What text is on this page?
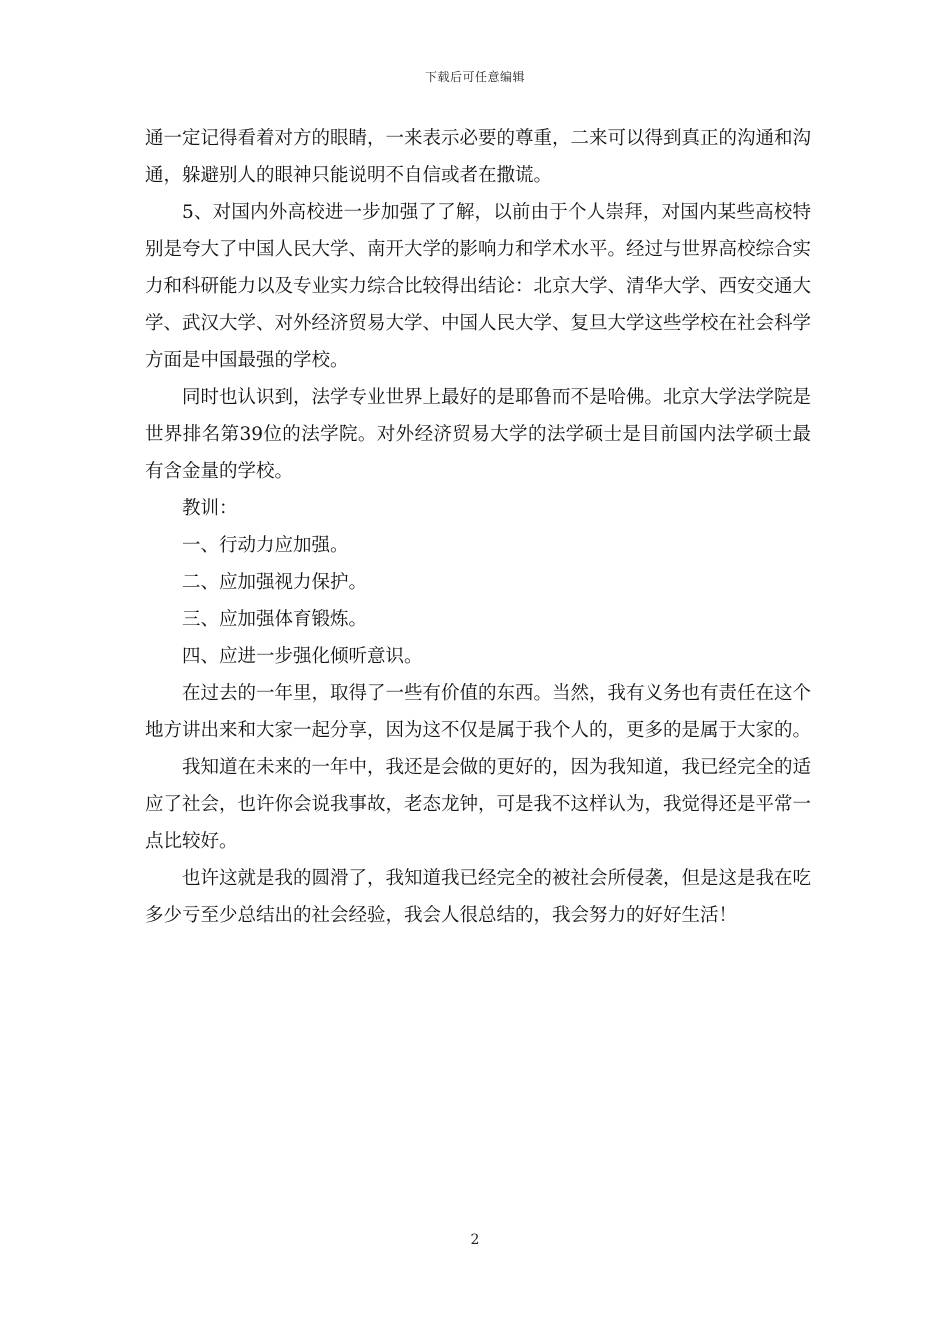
下载后可任意编辑

通一定记得看着对方的眼睛，一来表示必要的尊重，二来可以得到真正的沟通和沟通，躲避别人的眼神只能说明不自信或者在撒谎。

5、对国内外高校进一步加强了了解，以前由于个人崇拜，对国内某些高校特别是夸大了中国人民大学、南开大学的影响力和学术水平。经过与世界高校综合实力和科研能力以及专业实力综合比较得出结论：北京大学、清华大学、西安交通大学、武汉大学、对外经济贸易大学、中国人民大学、复旦大学这些学校在社会科学方面是中国最强的学校。

同时也认识到，法学专业世界上最好的是耶鲁而不是哈佛。北京大学法学院是世界排名第39位的法学院。对外经济贸易大学的法学硕士是目前国内法学硕士最有含金量的学校。

教训：

一、行动力应加强。

二、应加强视力保护。

三、应加强体育锻炼。

四、应进一步强化倾听意识。

在过去的一年里，取得了一些有价值的东西。当然，我有义务也有责任在这个地方讲出来和大家一起分享，因为这不仅是属于我个人的，更多的是属于大家的。

我知道在未来的一年中，我还是会做的更好的，因为我知道，我已经完全的适应了社会，也许你会说我事故，老态龙钟，可是我不这样认为，我觉得还是平常一点比较好。

也许这就是我的圆滑了，我知道我已经完全的被社会所侵袭，但是这是我在吃多少亏至少总结出的社会经验，我会人很总结的，我会努力的好好生活！

2
